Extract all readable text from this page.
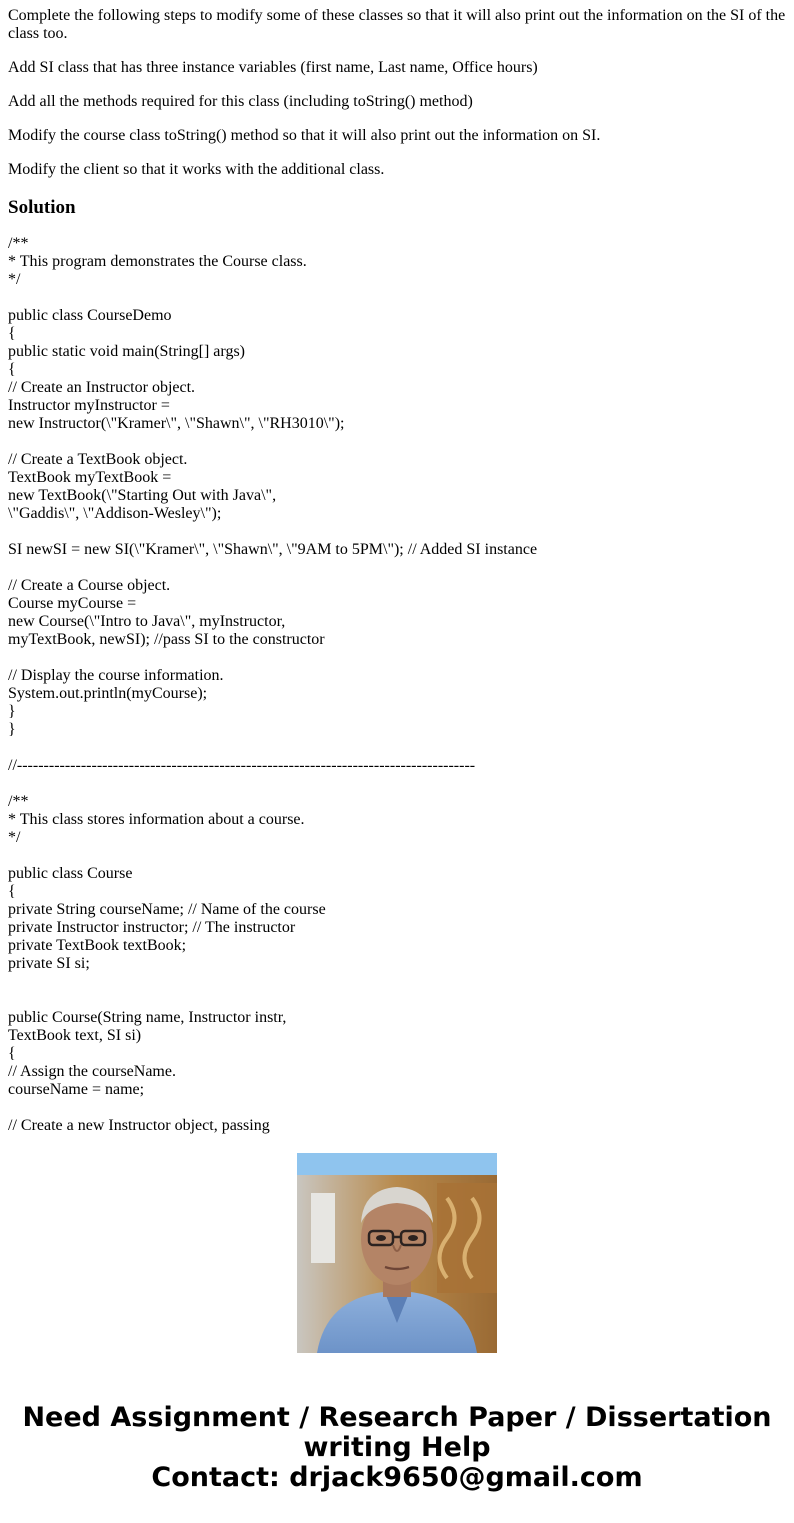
Complete the following steps to modify some of these classes so that it will also print out the information on the SI of the class too.

Add SI class that has three instance variables (first name, Last name, Office hours)

Add all the methods required for this class (including toString() method)

Modify the course class toString() method so that it will also print out the information on SI.

Modify the client so that it works with the additional class.

Solution
/**
* This program demonstrates the Course class.
*/
public class CourseDemo
{
public static void main(String[] args)
{
// Create an Instructor object.
Instructor myInstructor =
new Instructor(\"Kramer\", \"Shawn\", \"RH3010\");
// Create a TextBook object.
TextBook myTextBook =
new TextBook(\"Starting Out with Java\",
\"Gaddis\", \"Addison-Wesley\");
SI newSI = new SI(\"Kramer\", \"Shawn\", \"9AM to 5PM\"); // Added SI instance
// Create a Course object.
Course myCourse =
new Course(\"Intro to Java\", myInstructor,
myTextBook, newSI); //pass SI to the constructor
// Display the course information.
System.out.println(myCourse);
}
}
//--------------------------------------------------------------------------------------
/**
* This class stores information about a course.
*/
public class Course
{
private String courseName; // Name of the course
private Instructor instructor; // The instructor
private TextBook textBook;
private SI si;
public Course(String name, Instructor instr,
TextBook text, SI si)
{
// Assign the courseName.
courseName = name;
// Create a new Instructor object, passing
Need Assignment / Research Paper / Dissertation
writing Help
Contact: drjack9650@gmail.com
